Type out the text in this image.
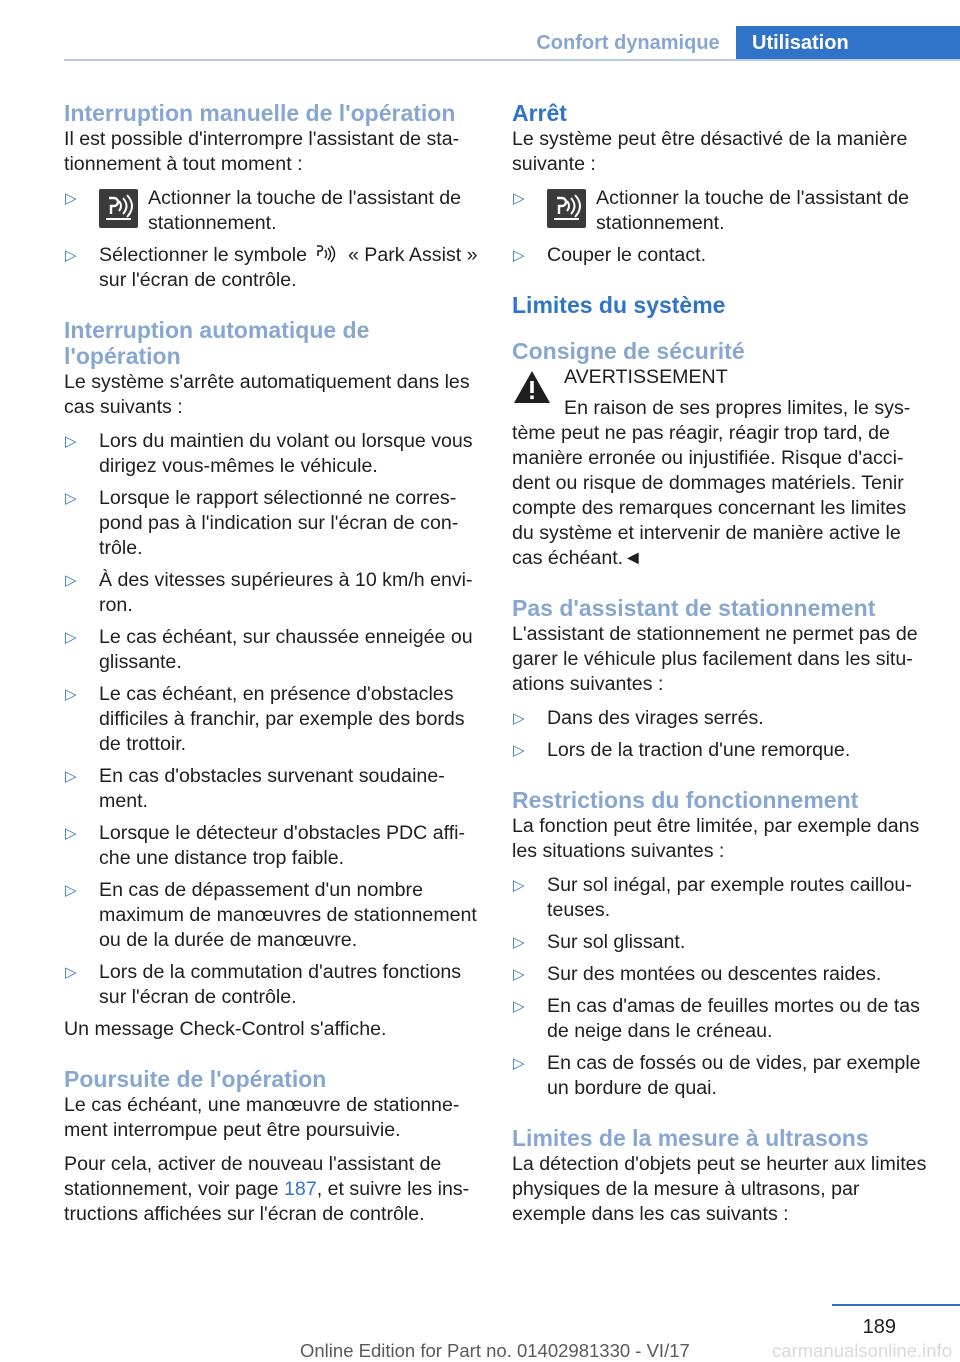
Confort dynamique	Utilisation
Interruption manuelle de l'opération

Il est possible d'interrompre l'assistant de stationnement à tout moment :

▷	Actionner la touche de l'assistant de stationnement.
▷ Sélectionner le symbole « Park Assist » sur l'écran de contrôle.
Interruption automatique de l'opération

Le système s'arrête automatiquement dans les cas suivants :

▷ Lors du maintien du volant ou lorsque vous dirigez vous-mêmes le véhicule.
▷ Lorsque le rapport sélectionné ne correspond pas à l'indication sur l'écran de contrôle.
▷ À des vitesses supérieures à 10 km/h environ.
▷ Le cas échéant, sur chaussée enneigée ou glissante.
▷ Le cas échéant, en présence d'obstacles difficiles à franchir, par exemple des bords de trottoir.
▷ En cas d'obstacles survenant soudainement.
▷ Lorsque le détecteur d'obstacles PDC affiche une distance trop faible.
▷ En cas de dépassement d'un nombre maximum de manœuvres de stationnement ou de la durée de manœuvre.
▷ Lors de la commutation d'autres fonctions sur l'écran de contrôle.

Un message Check-Control s'affiche.

Poursuite de l'opération

Le cas échéant, une manœuvre de stationnement interrompue peut être poursuivie.

Pour cela, activer de nouveau l'assistant de stationnement, voir page 187, et suivre les instructions affichées sur l'écran de contrôle.

Arrêt

Le système peut être désactivé de la manière suivante :

▷	Actionner la touche de l'assistant de stationnement.
▷ Couper le contact.
Limites du système
Consigne de sécurité
AVERTISSEMENT
En raison de ses propres limites, le système peut ne pas réagir, réagir trop tard, de manière erronée ou injustifiée. Risque d'accident ou risque de dommages matériels. Tenir compte des remarques concernant les limites du système et intervenir de manière active le cas échéant.◄
Pas d'assistant de stationnement

L'assistant de stationnement ne permet pas de garer le véhicule plus facilement dans les situations suivantes :

▷ Dans des virages serrés.
▷ Lors de la traction d'une remorque.
Restrictions du fonctionnement

La fonction peut être limitée, par exemple dans les situations suivantes :

▷ Sur sol inégal, par exemple routes caillouteuses.
▷ Sur sol glissant.
▷ Sur des montées ou descentes raides.
▷ En cas d'amas de feuilles mortes ou de tas de neige dans le créneau.
▷ En cas de fossés ou de vides, par exemple un bordure de quai.
Limites de la mesure à ultrasons

La détection d'objets peut se heurter aux limites physiques de la mesure à ultrasons, par exemple dans les cas suivants :

189
Online Edition for Part no. 01402981330 - VI/17	carmanualsonline.info
